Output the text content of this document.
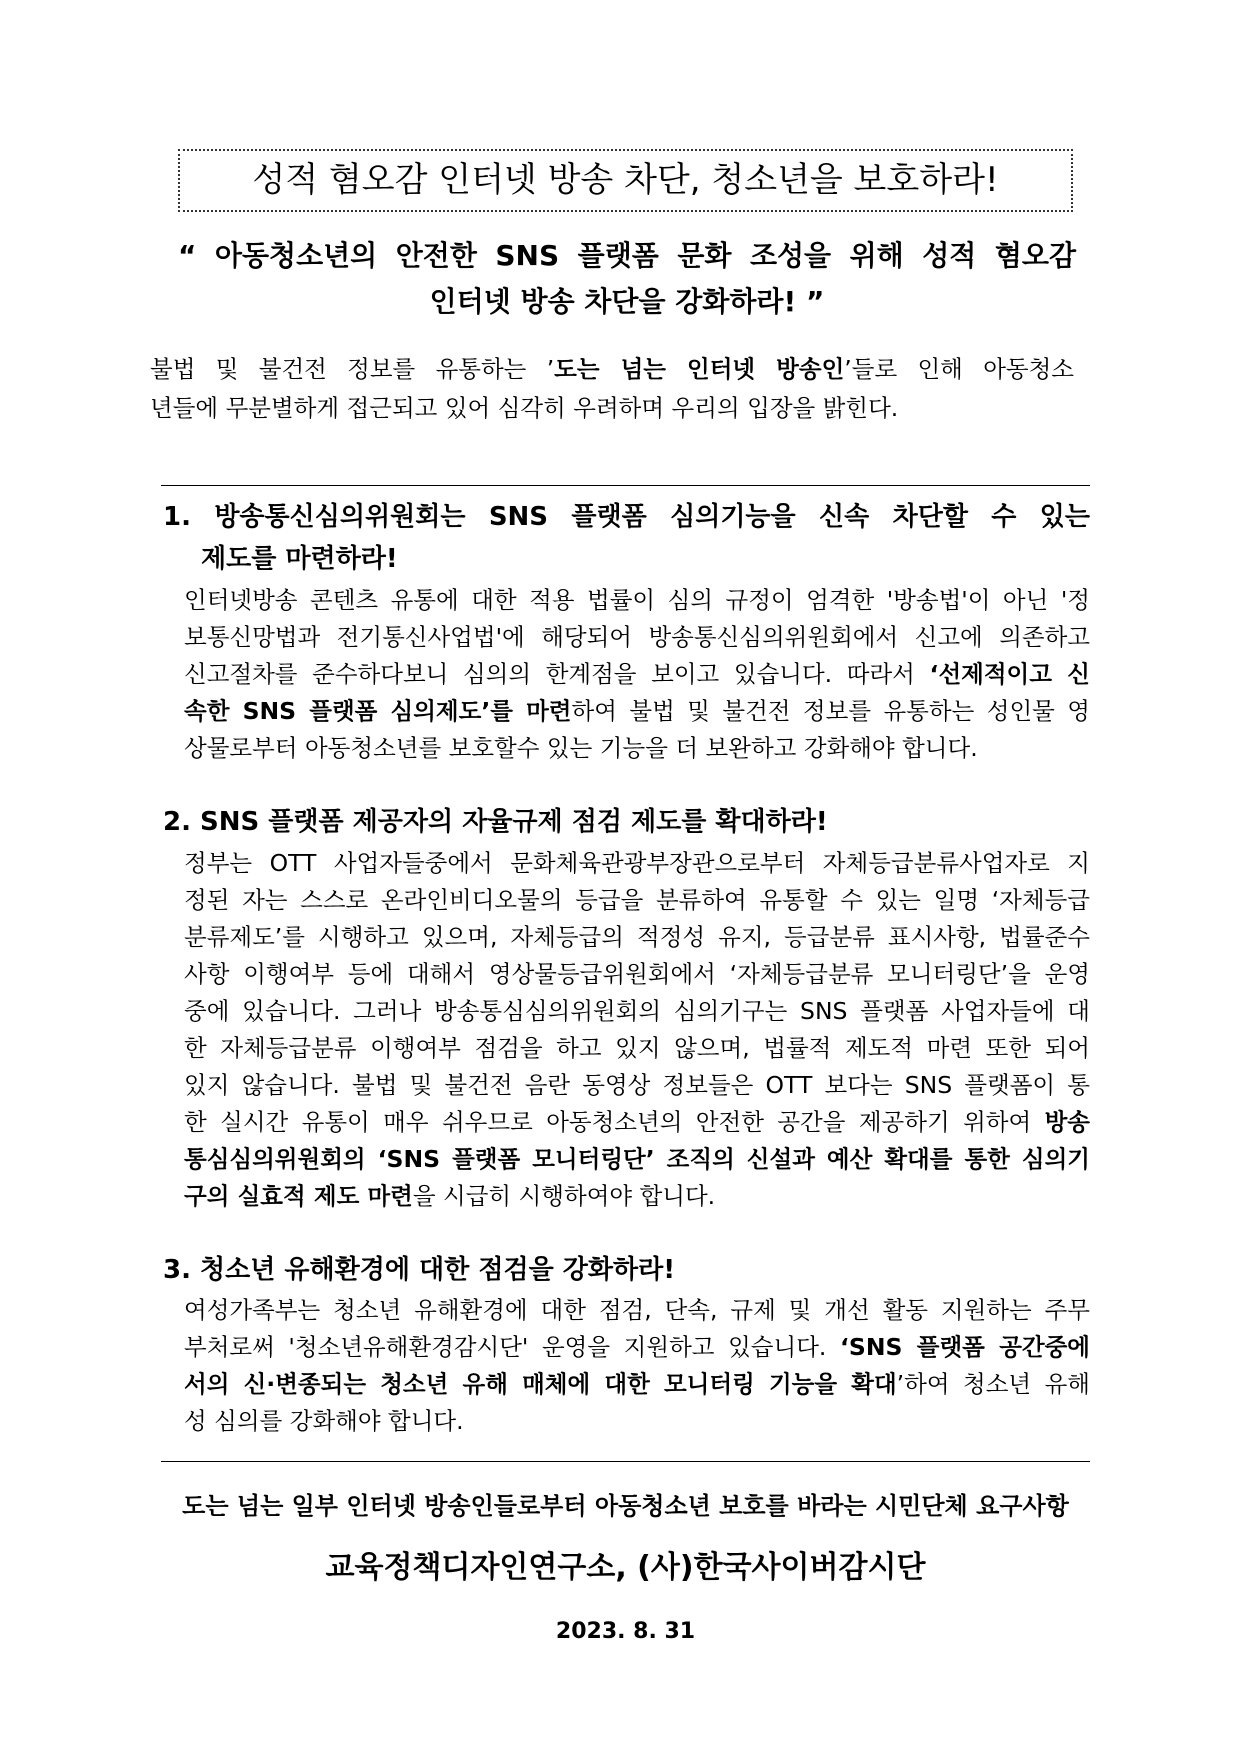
성적 혐오감 인터넷 방송 차단, 청소년을 보호하라!
“ 아동청소년의 안전한 SNS 플랫폼 문화 조성을 위해 성적 혐오감
인터넷 방송 차단을 강화하라! ”
불법 및 불건전 정보를 유통하는 ’도는 넘는 인터넷 방송인’들로 인해 아동청소
년들에 무분별하게 접근되고 있어 심각히 우려하며 우리의 입장을 밝힌다.
1. 방송통신심의위원회는 SNS 플랫폼 심의기능을 신속 차단할 수 있는
제도를 마련하라!
인터넷방송 콘텐츠 유통에 대한 적용 법률이 심의 규정이 엄격한 '방송법'이 아닌 '정
보통신망법과 전기통신사업법'에 해당되어 방송통신심의위원회에서 신고에 의존하고
신고절차를 준수하다보니 심의의 한계점을 보이고 있습니다. 따라서 ‘선제적이고 신
속한 SNS 플랫폼 심의제도’를 마련하여 불법 및 불건전 정보를 유통하는 성인물 영
상물로부터 아동청소년를 보호할수 있는 기능을 더 보완하고 강화해야 합니다.
2. SNS 플랫폼 제공자의 자율규제 점검 제도를 확대하라!
정부는 OTT 사업자들중에서 문화체육관광부장관으로부터 자체등급분류사업자로 지
정된 자는 스스로 온라인비디오물의 등급을 분류하여 유통할 수 있는 일명 ‘자체등급
분류제도’를 시행하고 있으며, 자체등급의 적정성 유지, 등급분류 표시사항, 법률준수
사항 이행여부 등에 대해서 영상물등급위원회에서 ‘자체등급분류 모니터링단’을 운영
중에 있습니다. 그러나 방송통심심의위원회의 심의기구는 SNS 플랫폼 사업자들에 대
한 자체등급분류 이행여부 점검을 하고 있지 않으며, 법률적 제도적 마련 또한 되어
있지 않습니다. 불법 및 불건전 음란 동영상 정보들은 OTT 보다는 SNS 플랫폼이 통
한 실시간 유통이 매우 쉬우므로 아동청소년의 안전한 공간을 제공하기 위하여 방송
통심심의위원회의 ‘SNS 플랫폼 모니터링단’ 조직의 신설과 예산 확대를 통한 심의기
구의 실효적 제도 마련을 시급히 시행하여야 합니다.
3. 청소년 유해환경에 대한 점검을 강화하라!
여성가족부는 청소년 유해환경에 대한 점검, 단속, 규제 및 개선 활동 지원하는 주무
부처로써 '청소년유해환경감시단' 운영을 지원하고 있습니다. ‘SNS 플랫폼 공간중에
서의 신·변종되는 청소년 유해 매체에 대한 모니터링 기능을 확대’하여 청소년 유해
성 심의를 강화해야 합니다.
도는 넘는 일부 인터넷 방송인들로부터 아동청소년 보호를 바라는 시민단체 요구사항
교육정책디자인연구소, (사)한국사이버감시단
2023. 8. 31
